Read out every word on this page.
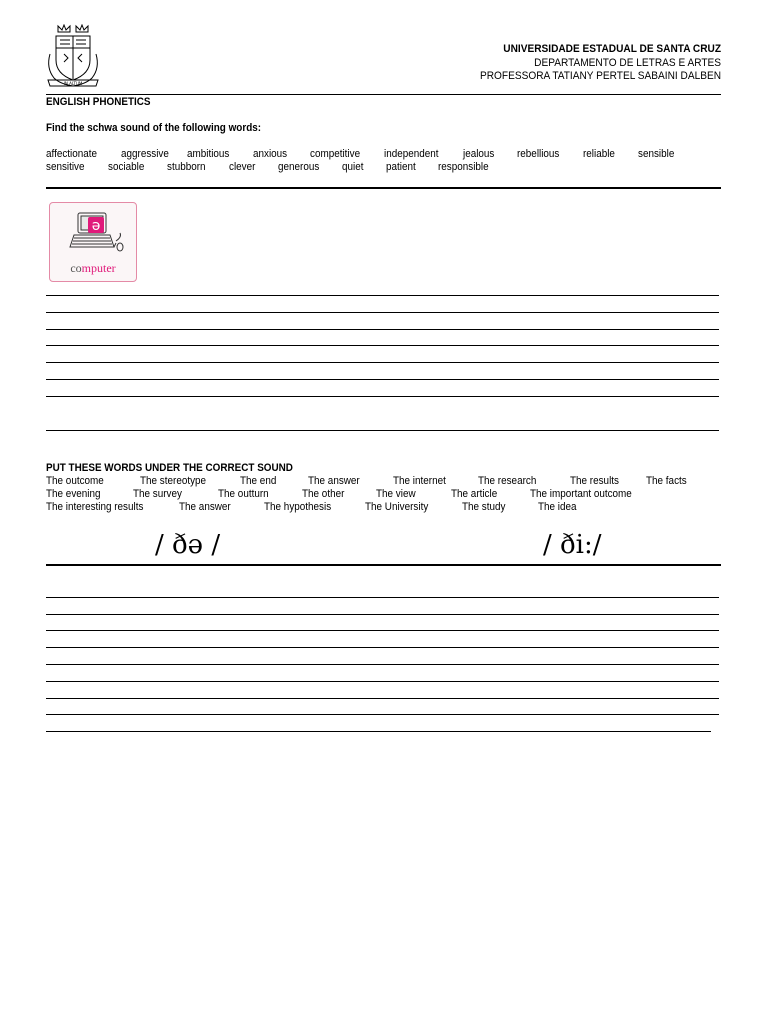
IN ALTUM
UNIVERSIDADE ESTADUAL DE SANTA CRUZ
DEPARTAMENTO DE LETRAS E ARTES
PROFESSORA TATIANY PERTEL SABAINI DALBEN
ENGLISH PHONETICS
Find the schwa sound of the following words:
affectionate aggressive ambitious anxious competitive independent jealous rebellious reliable sensible
sensitive sociable stubborn clever generous quiet patient responsible
ə
computer
PUT THESE WORDS UNDER THE CORRECT SOUND
The outcome	The stereotype	The end	The answer	The internet	The research	The results The facts
The evening	The survey	The outturn	The other	The view	The article	The important outcome
The interesting results	The answer	The hypothesis	The University	The study	The idea
/ ðə /	/ ði:/
